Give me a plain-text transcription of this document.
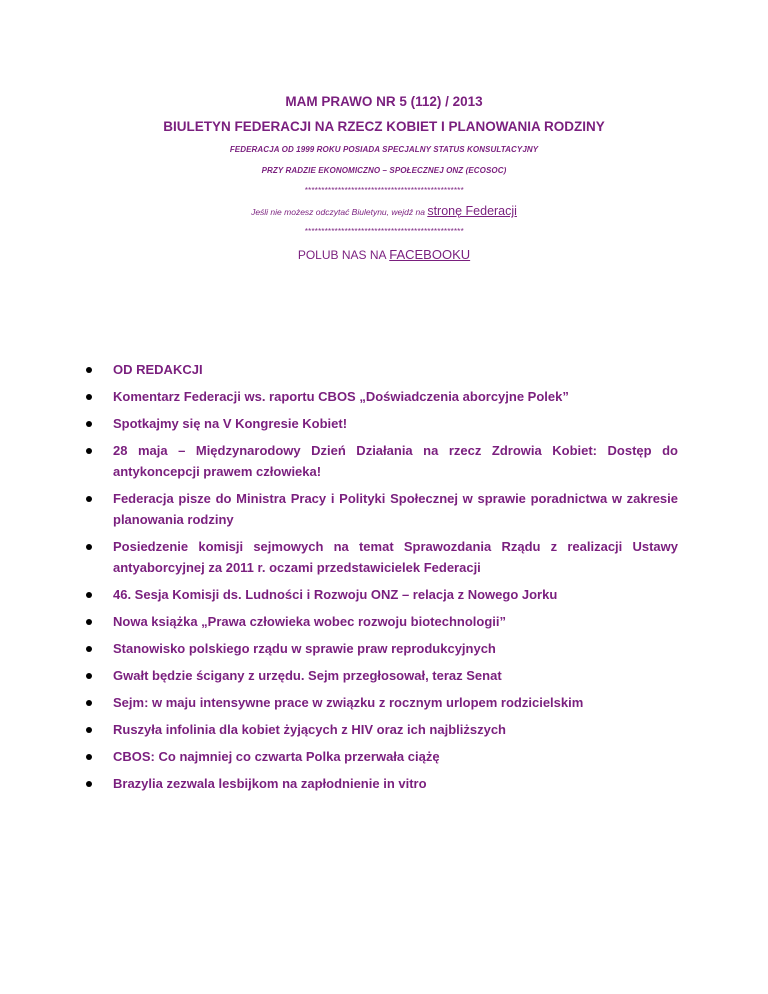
MAM PRAWO NR 5 (112) / 2013

BIULETYN FEDERACJI NA RZECZ KOBIET I PLANOWANIA RODZINY

FEDERACJA OD 1999 ROKU POSIADA SPECJALNY STATUS KONSULTACYJNY

PRZY RADZIE EKONOMICZNO – SPOŁECZNEJ ONZ (ECOSOC)

************************************************

Jeśli nie możesz odczytać Biuletynu, wejdź na stronę Federacji

************************************************

POLUB NAS NA FACEBOOKU

OD REDAKCJI
Komentarz Federacji ws. raportu CBOS „Doświadczenia aborcyjne Polek”
Spotkajmy się na V Kongresie Kobiet!
28 maja – Międzynarodowy Dzień Działania na rzecz Zdrowia Kobiet: Dostęp do antykoncepcji prawem człowieka!
Federacja pisze do Ministra Pracy i Polityki Społecznej w sprawie poradnictwa w zakresie planowania rodziny
Posiedzenie komisji sejmowych na temat Sprawozdania Rządu z realizacji Ustawy antyaborcyjnej za 2011 r. oczami przedstawicielek Federacji
46. Sesja Komisji ds. Ludności i Rozwoju ONZ – relacja z Nowego Jorku
Nowa książka „Prawa człowieka wobec rozwoju biotechnologii”
Stanowisko polskiego rządu w sprawie praw reprodukcyjnych
Gwałt będzie ścigany z urzędu. Sejm przegłosował, teraz Senat
Sejm: w maju intensywne prace w związku z rocznym urlopem rodzicielskim
Ruszyła infolinia dla kobiet żyjących z HIV oraz ich najbliższych
CBOS: Co najmniej co czwarta Polka przerwała ciążę
Brazylia zezwala lesbijkom na zapłodnienie in vitro
